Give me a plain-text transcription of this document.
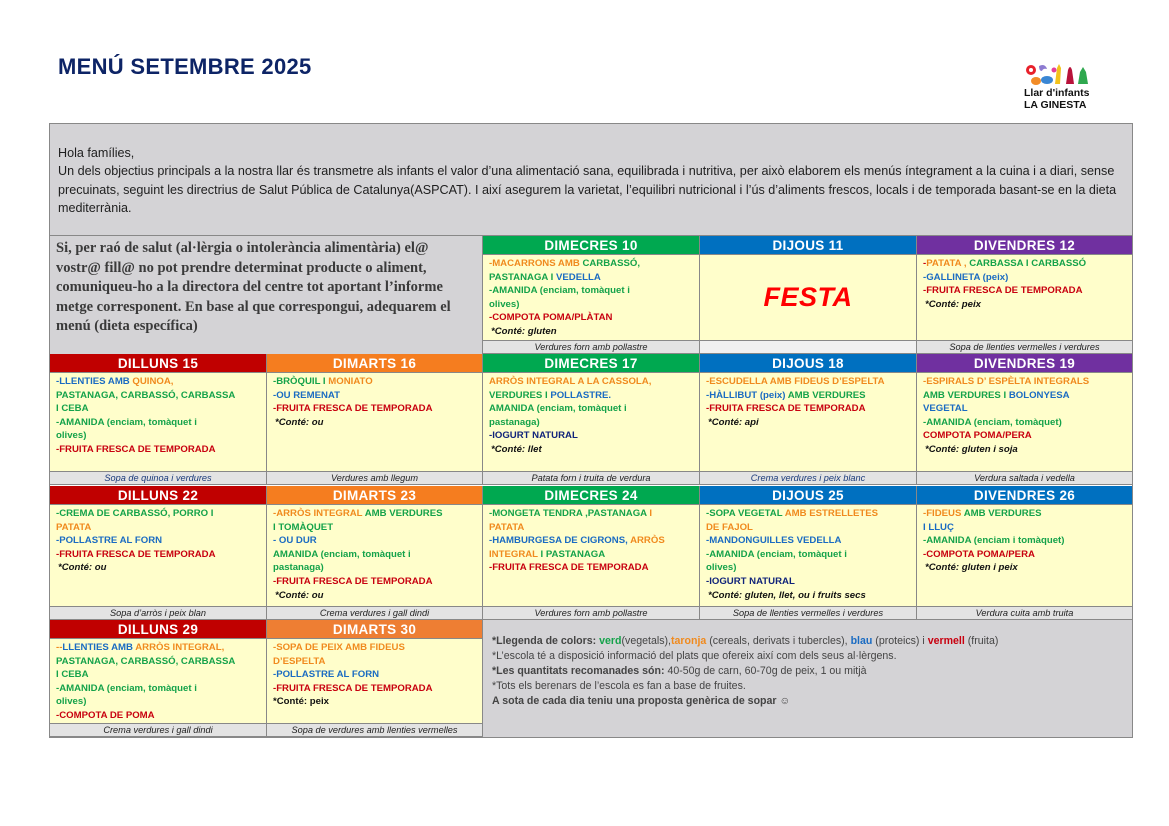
MENÚ SETEMBRE 2025
Llar d'infants
LA GINESTA
Hola famílies,
Un dels objectius principals a la nostra llar és transmetre als infants el valor d’una alimentació sana, equilibrada i nutritiva, per això elaborem els menús íntegrament a la cuina i a diari, sense precuinats, seguint les directrius de Salut Pública de Catalunya(ASPCAT). I així asegurem la varietat, l’equilibri nutricional i l’ús d’aliments frescos, locals i de temporada basant-se en la dieta mediterrània.
Si, per raó de salut (al·lèrgia o intolerància alimentària) el@ vostr@ fill@ no pot prendre determinat producte o aliment, comuniqueu-ho a la directora del centre tot aportant l’informe metge corresponent. En base al que correspongui, adequarem el menú (dieta específica)
DIMECRES 10
-MACARRONS AMB CARBASSÓ,
PASTANAGA I VEDELLA
-AMANIDA (enciam, tomàquet i
olives)
-COMPOTA POMA/PLÀTAN
*Conté: gluten
Verdures forn amb pollastre
DIJOUS 11
FESTA
DIVENDRES 12
-PATATA , CARBASSA I CARBASSÓ
-GALLINETA (peix)
-FRUITA FRESCA DE TEMPORADA
*Conté: peix
Sopa de llenties vermelles i verdures
DILLUNS 15
-LLENTIES AMB QUINOA,
PASTANAGA, CARBASSÓ, CARBASSA
I CEBA
-AMANIDA (enciam, tomàquet i
olives)
-FRUITA FRESCA DE TEMPORADA
Sopa de quinoa i verdures
DIMARTS 16
-BRÒQUIL I MONIATO
-OU REMENAT
-FRUITA FRESCA DE TEMPORADA
*Conté: ou
Verdures amb llegum
DIMECRES 17
ARRÒS INTEGRAL A LA CASSOLA,
VERDURES I POLLASTRE.
AMANIDA (enciam, tomàquet i
pastanaga)
-IOGURT NATURAL
*Conté: llet
Patata forn i truita de verdura
DIJOUS 18
-ESCUDELLA AMB FIDEUS D’ESPELTA
-HÀLLIBUT (peix) AMB VERDURES
-FRUITA FRESCA DE TEMPORADA
*Conté: api
Crema verdures i peix blanc
DIVENDRES 19
-ESPIRALS D’ ESPÈLTA INTEGRALS
AMB VERDURES I BOLONYESA
VEGETAL
-AMANIDA (enciam, tomàquet)
COMPOTA POMA/PERA
*Conté: gluten i soja
Verdura saltada i vedella
DILLUNS 22
-CREMA DE CARBASSÓ, PORRO I
PATATA
-POLLASTRE AL FORN
-FRUITA FRESCA DE TEMPORADA
*Conté: ou
Sopa d’arròs i peix blan
DIMARTS 23
-ARRÒS INTEGRAL AMB VERDURES
I TOMÀQUET
- OU DUR
AMANIDA (enciam, tomàquet i
pastanaga)
-FRUITA FRESCA DE TEMPORADA
*Conté: ou
Crema verdures i gall dindi
DIMECRES 24
-MONGETA TENDRA ,PASTANAGA I
PATATA
-HAMBURGESA DE CIGRONS, ARRÒS
INTEGRAL I PASTANAGA
-FRUITA FRESCA DE TEMPORADA
Verdures forn amb pollastre
DIJOUS 25
-SOPA VEGETAL AMB ESTRELLETES
DE FAJOL
-MANDONGUILLES VEDELLA
-AMANIDA (enciam, tomàquet i
olives)
-IOGURT NATURAL
*Conté: gluten, llet, ou i fruits secs
Sopa de llenties vermelles i verdures
DIVENDRES 26
-FIDEUS AMB VERDURES
I LLUÇ
-AMANIDA (enciam i tomàquet)
-COMPOTA POMA/PERA
*Conté: gluten i peix
Verdura cuita amb truita
DILLUNS 29
--LLENTIES AMB ARRÒS INTEGRAL,
PASTANAGA, CARBASSÓ, CARBASSA
I CEBA
-AMANIDA (enciam, tomàquet i
olives)
-COMPOTA DE POMA
Crema verdures i gall dindi
DIMARTS 30
-SOPA DE PEIX AMB FIDEUS
D’ESPELTA
-POLLASTRE AL FORN
-FRUITA FRESCA DE TEMPORADA
*Conté: peix
Sopa de verdures amb llenties vermelles
*Llegenda de colors: verd(vegetals),taronja (cereals, derivats i tubercles), blau (proteics) i vermell (fruita)
*L’escola té a disposició informació del plats que ofereix així com dels seus al·lèrgens.
*Les quantitats recomanades són: 40-50g de carn, 60-70g de peix, 1 ou mitjà
*Tots els berenars de l’escola es fan a base de fruites.
A sota de cada dia teniu una proposta genèrica de sopar ☺
